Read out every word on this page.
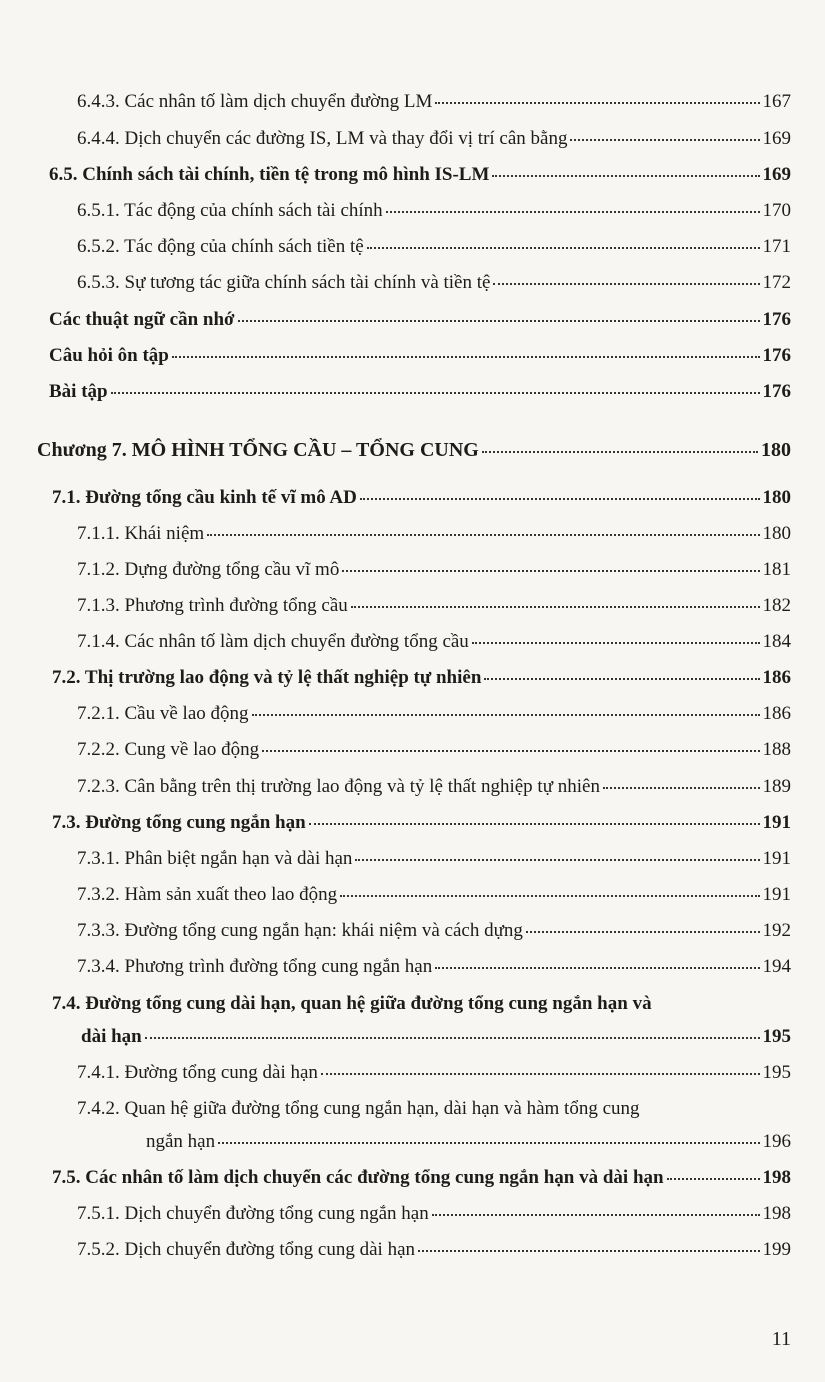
6.4.3. Các nhân tố làm dịch chuyển đường LM	167
6.4.4. Dịch chuyển các đường IS, LM và thay đổi vị trí cân bằng	169
6.5. Chính sách tài chính, tiền tệ trong mô hình IS-LM	169
6.5.1. Tác động của chính sách tài chính	170
6.5.2. Tác động của chính sách tiền tệ	171
6.5.3. Sự tương tác giữa chính sách tài chính và tiền tệ	172
Các thuật ngữ cần nhớ	176
Câu hỏi ôn tập	176
Bài tập	176
Chương 7. MÔ HÌNH TỔNG CẦU – TỔNG CUNG	180
7.1. Đường tổng cầu kinh tế vĩ mô AD	180
7.1.1. Khái niệm	180
7.1.2. Dựng đường tổng cầu vĩ mô	181
7.1.3. Phương trình đường tổng cầu	182
7.1.4. Các nhân tố làm dịch chuyển đường tổng cầu	184
7.2. Thị trường lao động và tỷ lệ thất nghiệp tự nhiên	186
7.2.1. Cầu về lao động	186
7.2.2. Cung về lao động	188
7.2.3. Cân bằng trên thị trường lao động và tỷ lệ thất nghiệp tự nhiên	189
7.3. Đường tổng cung ngắn hạn	191
7.3.1. Phân biệt ngắn hạn và dài hạn	191
7.3.2. Hàm sản xuất theo lao động	191
7.3.3. Đường tổng cung ngắn hạn: khái niệm và cách dựng	192
7.3.4. Phương trình đường tổng cung ngắn hạn	194
7.4. Đường tổng cung dài hạn, quan hệ giữa đường tổng cung ngắn hạn và
dài hạn	195
7.4.1. Đường tổng cung dài hạn	195
7.4.2. Quan hệ giữa đường tổng cung ngắn hạn, dài hạn và hàm tổng cung
ngắn hạn	196
7.5. Các nhân tố làm dịch chuyển các đường tổng cung ngắn hạn và dài hạn	198
7.5.1. Dịch chuyển đường tổng cung ngắn hạn	198
7.5.2. Dịch chuyển đường tổng cung dài hạn	199
11
